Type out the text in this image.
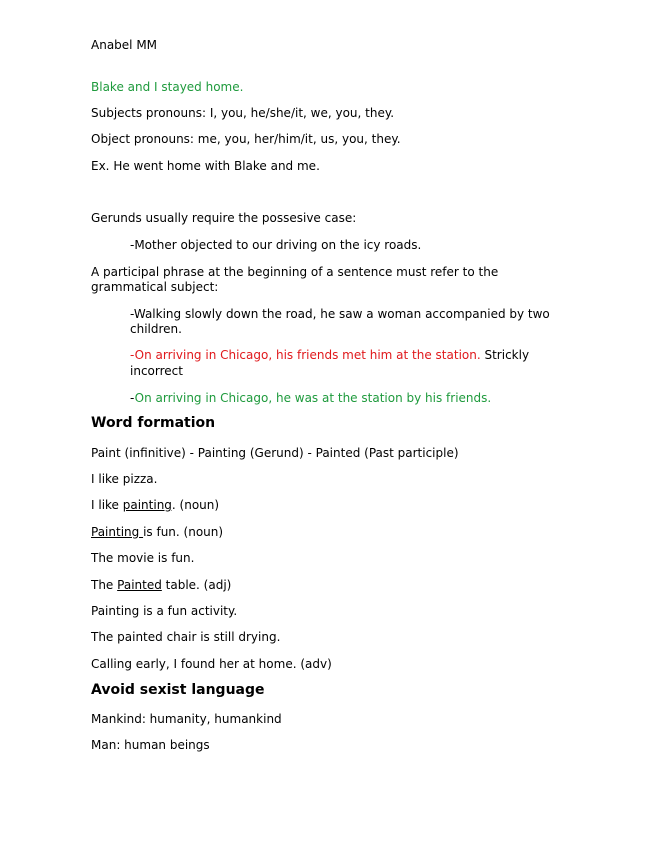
Anabel MM
Blake and I stayed home.
Subjects pronouns: I, you, he/she/it, we, you, they.
Object pronouns: me, you, her/him/it, us, you, they.
Ex. He went home with Blake and me.
Gerunds usually require the possesive case:
-Mother objected to our driving on the icy roads.
A participal phrase at the beginning of a sentence must refer to the
grammatical subject:
-Walking slowly down the road, he saw a woman accompanied by two
children.
-On arriving in Chicago, his friends met him at the station. Strickly
incorrect
-On arriving in Chicago, he was at the station by his friends.
Word formation
Paint (infinitive) - Painting (Gerund) - Painted (Past participle)
I like pizza.
I like painting. (noun)
Painting is fun. (noun)
The movie is fun.
The Painted table. (adj)
Painting is a fun activity.
The painted chair is still drying.
Calling early, I found her at home. (adv)
Avoid sexist language
Mankind: humanity, humankind
Man: human beings
